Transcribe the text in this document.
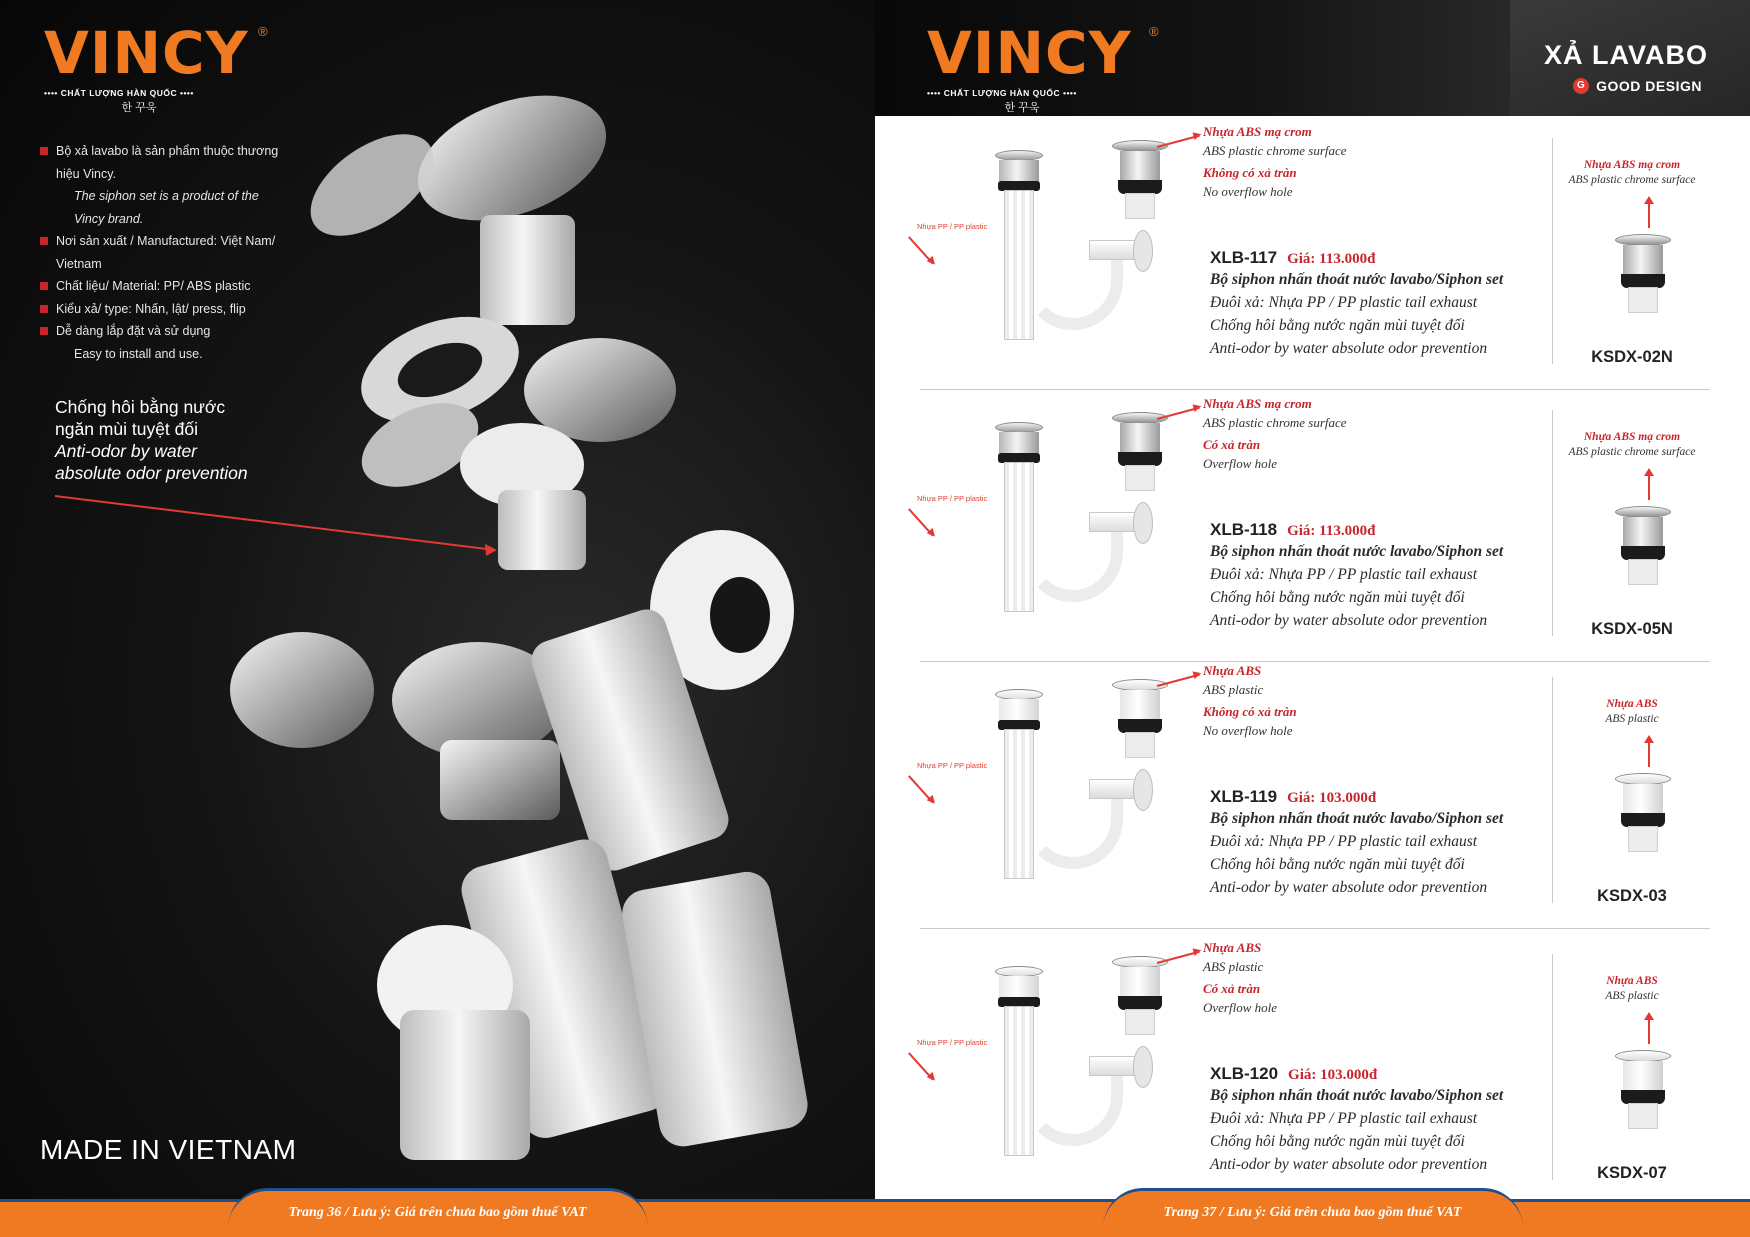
VINCY ®
•••• CHẤT LƯỢNG HÀN QUỐC ••••
한 꾸욱
Bộ xả lavabo là sản phẩm thuộc thương hiệu Vincy.
The siphon set is a product of the Vincy brand.
Nơi sản xuất / Manufactured: Việt Nam/ Vietnam
Chất liệu/ Material: PP/ ABS plastic
Kiểu xả/ type: Nhấn, lật/ press, flip
Dễ dàng lắp đặt và sử dụng
Easy to install and use.
Chống hôi bằng nước
ngăn mùi tuyệt đối
Anti-odor by water
absolute odor prevention
MADE IN VIETNAM
Trang 36 / Lưu ý: Giá trên chưa bao gồm thuế VAT
VINCY ®
•••• CHẤT LƯỢNG HÀN QUỐC ••••
한 꾸욱
XẢ LAVABO
G GOOD DESIGN
Nhựa PP / PP plastic
Nhựa ABS mạ crom
ABS plastic chrome surface
Không có xả tràn
No overflow hole
XLB-117 Giá: 113.000đ
Bộ siphon nhấn thoát nước lavabo/Siphon set
Đuôi xả: Nhựa PP / PP plastic tail exhaust
Chống hôi bằng nước ngăn mùi tuyệt đối
Anti-odor by water absolute odor prevention
Nhựa ABS mạ crom
ABS plastic chrome surface
KSDX-02N
Nhựa PP / PP plastic
Nhựa ABS mạ crom
ABS plastic chrome surface
Có xả tràn
Overflow hole
XLB-118 Giá: 113.000đ
Bộ siphon nhấn thoát nước lavabo/Siphon set
Đuôi xả: Nhựa PP / PP plastic tail exhaust
Chống hôi bằng nước ngăn mùi tuyệt đối
Anti-odor by water absolute odor prevention
Nhựa ABS mạ crom
ABS plastic chrome surface
KSDX-05N
Nhựa PP / PP plastic
Nhựa ABS
ABS plastic
Không có xả tràn
No overflow hole
XLB-119 Giá: 103.000đ
Bộ siphon nhấn thoát nước lavabo/Siphon set
Đuôi xả: Nhựa PP / PP plastic tail exhaust
Chống hôi bằng nước ngăn mùi tuyệt đối
Anti-odor by water absolute odor prevention
Nhựa ABS
ABS plastic
KSDX-03
Nhựa PP / PP plastic
Nhựa ABS
ABS plastic
Có xả tràn
Overflow hole
XLB-120 Giá: 103.000đ
Bộ siphon nhấn thoát nước lavabo/Siphon set
Đuôi xả: Nhựa PP / PP plastic tail exhaust
Chống hôi bằng nước ngăn mùi tuyệt đối
Anti-odor by water absolute odor prevention
Nhựa ABS
ABS plastic
KSDX-07
Trang 37 / Lưu ý: Giá trên chưa bao gồm thuế VAT
